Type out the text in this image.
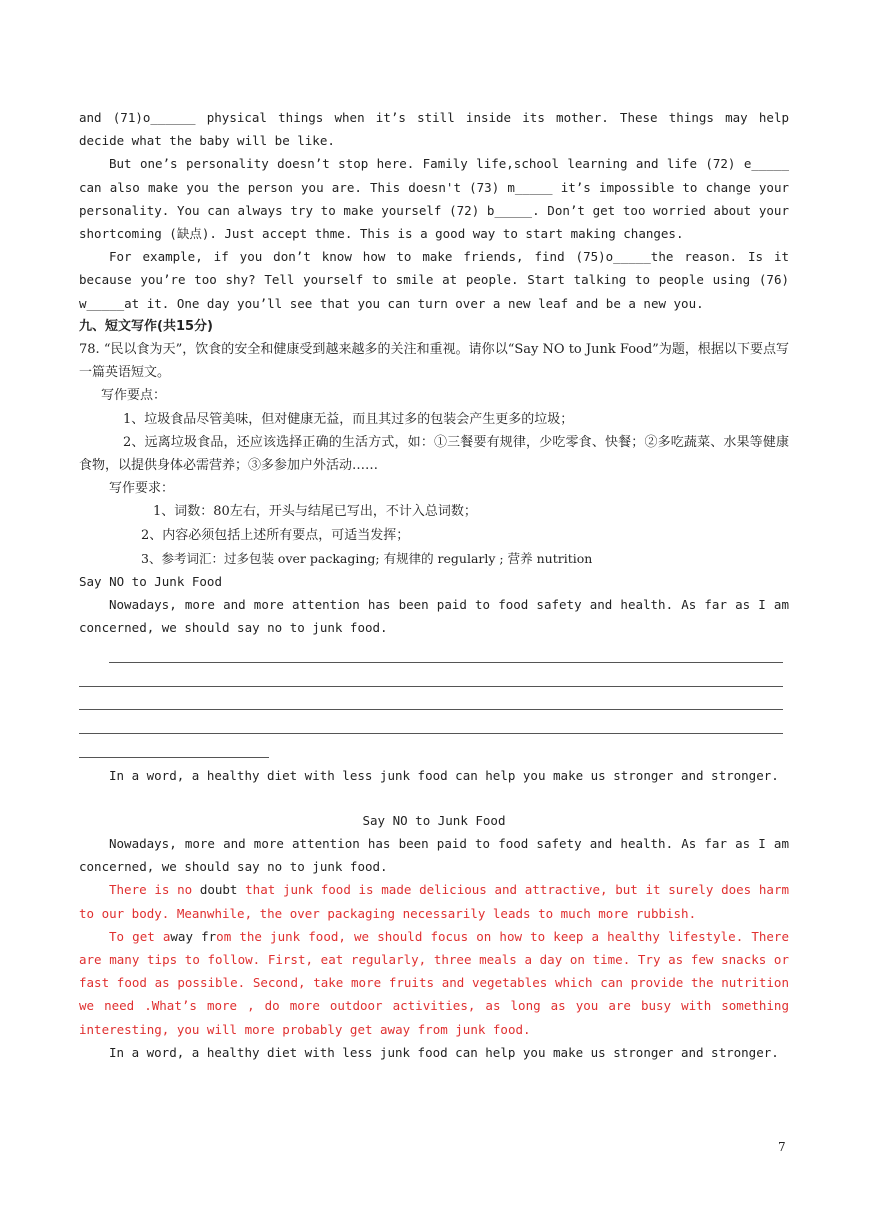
and (71)o______ physical things when it’s still inside its mother. These things may help decide what the baby will be like.

But one’s personality doesn’t stop here. Family life,school learning and life (72) e_____ can also make you the person you are. This doesn't (73) m_____ it’s impossible to change your personality. You can always try to make yourself (72) b_____. Don’t get too worried about your shortcoming (缺点). Just accept thme. This is a good way to start making changes.

For example, if you don’t know how to make friends, find (75)o_____the reason. Is it because you’re too shy? Tell yourself to smile at people. Start talking to people using (76) w_____at it. One day you’ll see that you can turn over a new leaf and be a new you.

九、短文写作(共15分)

78. “民以食为天”，饮食的安全和健康受到越来越多的关注和重视。请你以“Say NO to Junk Food”为题，根据以下要点写一篇英语短文。

写作要点：

1、垃圾食品尽管美味，但对健康无益，而且其过多的包装会产生更多的垃圾；

2、远离垃圾食品，还应该选择正确的生活方式，如：①三餐要有规律，少吃零食、快餐；②多吃蔬菜、水果等健康食物，以提供身体必需营养；③多参加户外活动……

写作要求：

1、词数：80左右，开头与结尾已写出，不计入总词数；

2、内容必须包括上述所有要点，可适当发挥；

3、参考词汇：过多包装 over packaging; 有规律的 regularly ; 营养 nutrition

Say NO to Junk Food

Nowadays, more and more attention has been paid to food safety and health. As far as I am concerned, we should say no to junk food.

In a word, a healthy diet with less junk food can help you make us stronger and stronger.

Say NO to Junk Food

Nowadays, more and more attention has been paid to food safety and health. As far as I am concerned, we should say no to junk food.

There is no doubt that junk food is made delicious and attractive, but it surely does harm to our body. Meanwhile, the over packaging necessarily leads to much more rubbish.

To get away from the junk food, we should focus on how to keep a healthy lifestyle. There are many tips to follow. First, eat regularly, three meals a day on time. Try as few snacks or fast food as possible. Second, take more fruits and vegetables which can provide the nutrition we need .What’s more , do more outdoor activities, as long as you are busy with something interesting, you will more probably get away from junk food.

In a word, a healthy diet with less junk food can help you make us stronger and stronger.

7
